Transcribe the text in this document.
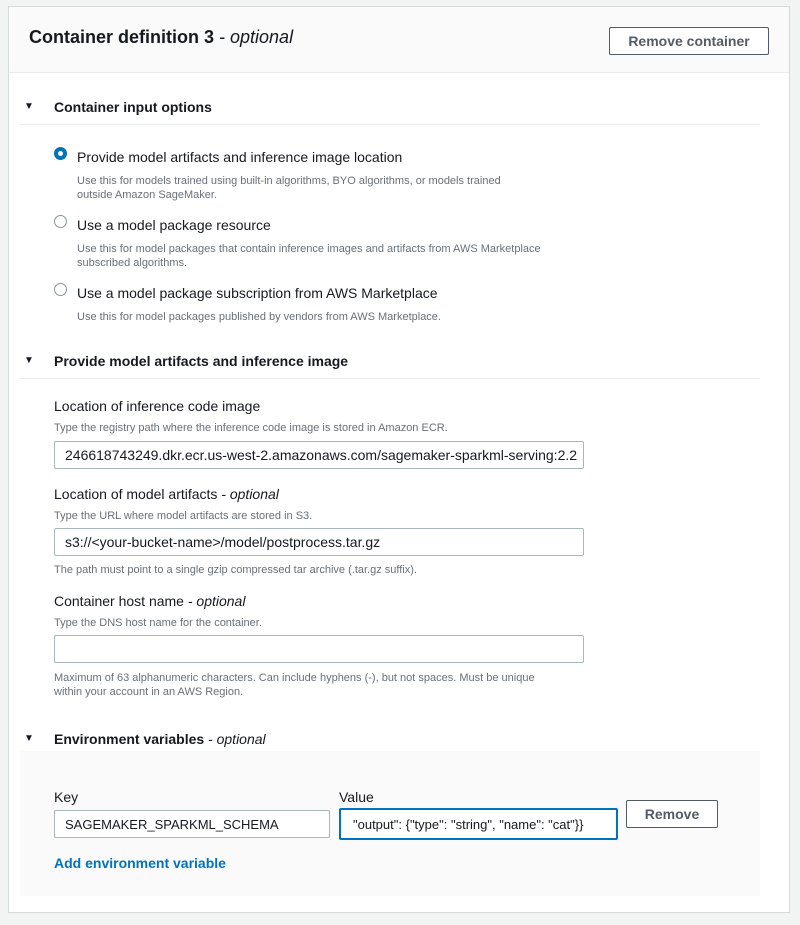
Container definition 3 - optional	Remove container
▼ Container input options
Provide model artifacts and inference image location
Use this for models trained using built-in algorithms, BYO algorithms, or models trained
outside Amazon SageMaker.
Use a model package resource
Use this for model packages that contain inference images and artifacts from AWS Marketplace
subscribed algorithms.
Use a model package subscription from AWS Marketplace
Use this for model packages published by vendors from AWS Marketplace.
▼ Provide model artifacts and inference image
Location of inference code image
Type the registry path where the inference code image is stored in Amazon ECR.
246618743249.dkr.ecr.us-west-2.amazonaws.com/sagemaker-sparkml-serving:2.2
Location of model artifacts - optional
Type the URL where model artifacts are stored in S3.
s3://<your-bucket-name>/model/postprocess.tar.gz
The path must point to a single gzip compressed tar archive (.tar.gz suffix).
Container host name - optional
Type the DNS host name for the container.
Maximum of 63 alphanumeric characters. Can include hyphens (-), but not spaces. Must be unique
within your account in an AWS Region.
▼ Environment variables - optional
Key	Value
SAGEMAKER_SPARKML_SCHEMA	"output": {"type": "string", "name": "cat"}}
Remove
Add environment variable
